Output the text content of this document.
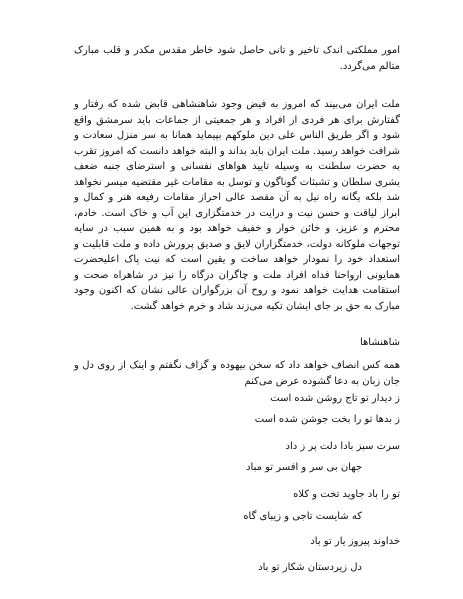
امور مملکتی اندک تاخیر و تانی حاصل شود خاطر مقدس مکدر و قلب مبارک متالم می‌گردد.

ملت ایران می‌بیند که امروز به فیض وجود شاهنشاهی قابض شده که رفتار و گفتارش برای هر فردی از افراد و هر جمعیتی از جماعات باید سرمشق واقع شود و اگر طریق الناس علی دین ملوکهم بپیماید همانا به سر منزل سعادت و شرافت خواهد رسید. ملت ایران باید بداند و البته خواهد دانست که امروز تقرب به حضرت سلطنت به وسیله تایید هواهای نفسانی و استرضای جنبه ضعف بشری سلطان و تشبثات گوناگون و توسل به مقامات غیر مقتضیه میسر نخواهد شد بلکه یگانه راه نیل به آن مقصد عالی احراز مقامات رفیعه هنر و کمال و ابراز لیاقت و حسن نیت و درایت در خدمتگزاری این آب و خاک است. خادم، محترم و عزیز، و خائن خوار و خفیف خواهد بود و به همین سبب در سایه توجهات ملوکانه دولت، خدمتگزاران لایق و صدیق پرورش داده و ملت قابلیت و استعداد خود را نمودار خواهد ساخت و یقین است که نیت پاک اعلیحضرت همایونی ارواحنا فداه افراد ملت و چاگران درگاه را نیز در شاهراه صحت و استقامت هدایت خواهد نمود و روح آن بزرگواران عالی نشان که اکنون وجود مبارک به حق بر جای ایشان تکیه می‌زند شاد و خرم خواهد گشت.

شاهنشاها

همه کس انصاف خواهد داد که سخن بیهوده و گزاف نگفتم و اینک از روی دل و جان زبان به دعا گشوده عرض می‌کنم

ز دیدار تو تاج روشن شده است

ز بدها تو را بخت جوشن شده است

سرت سبز بادا دلت پر ز داد

جهان بی سر و افسر تو مباد

تو را باد جاوید تخت و کلاه

که شایست تاجی و زیبای گاه

خداوند پیروز یار تو باد

دل زیردستان شکار تو باد
